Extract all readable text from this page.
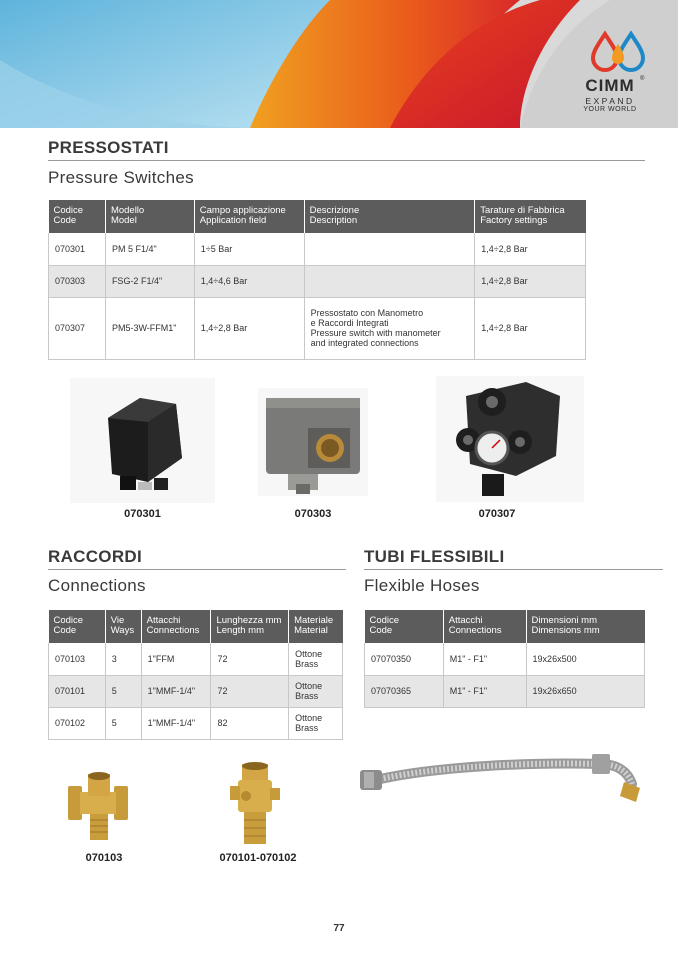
CIMM ®
EXPAND
YOUR WORLD
PRESSOSTATI
Pressure Switches
Codice
Code	Modello
Model	Campo applicazione
Application field	Descrizione
Description	Tarature di Fabbrica
Factory settings
070301	PM 5 F1/4"	1÷5 Bar		1,4÷2,8 Bar
070303	FSG-2 F1/4"	1,4÷4,6 Bar		1,4÷2,8 Bar
070307	PM5-3W-FFM1"	1,4÷2,8 Bar	Pressostato con Manometro
e Raccordi Integrati
Pressure switch with manometer
and integrated connections	1,4÷2,8 Bar
070301	070303	070307
RACCORDI
Connections
Codice
Code	Vie
Ways	Attacchi
Connections	Lunghezza mm
Length mm	Materiale
Material
070103	3	1"FFM	72	Ottone
Brass
070101	5	1"MMF-1/4"	72	Ottone
Brass
070102	5	1"MMF-1/4"	82	Ottone
Brass
TUBI FLESSIBILI
Flexible Hoses
Codice
Code	Attacchi
Connections	Dimensioni mm
Dimensions mm
07070350	M1" - F1"	19x26x500
07070365	M1" - F1"	19x26x650
070103	070101-070102
77
